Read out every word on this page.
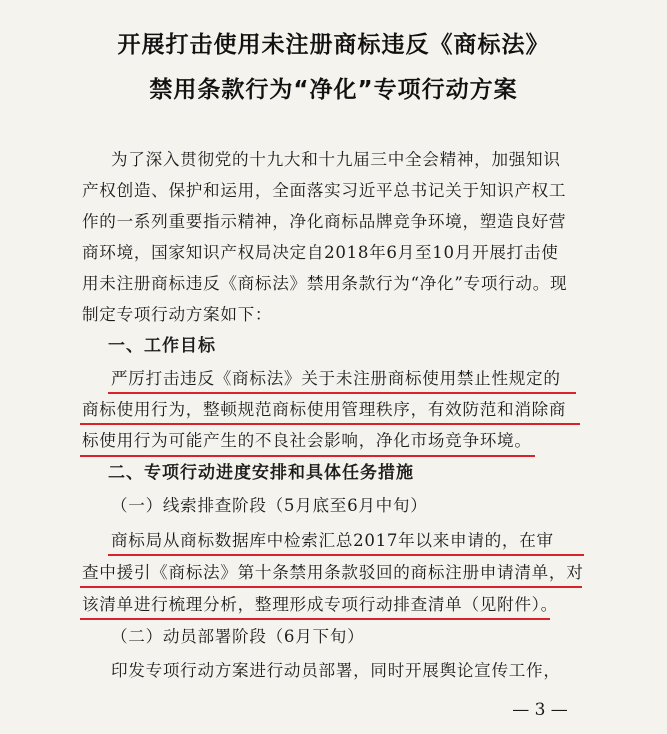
开展打击使用未注册商标违反《商标法》
禁用条款行为“净化”专项行动方案
为了深入贯彻党的十九大和十九届三中全会精神，加强知识
产权创造、保护和运用，全面落实习近平总书记关于知识产权工
作的一系列重要指示精神，净化商标品牌竞争环境，塑造良好营
商环境，国家知识产权局决定自2018年6月至10月开展打击使
用未注册商标违反《商标法》禁用条款行为“净化”专项行动。现
制定专项行动方案如下：
一、工作目标
严厉打击违反《商标法》关于未注册商标使用禁止性规定的
商标使用行为，整顿规范商标使用管理秩序，有效防范和消除商
标使用行为可能产生的不良社会影响，净化市场竞争环境。
二、专项行动进度安排和具体任务措施
（一）线索排查阶段（5月底至6月中旬）
商标局从商标数据库中检索汇总2017年以来申请的，在审
查中援引《商标法》第十条禁用条款驳回的商标注册申请清单，对
该清单进行梳理分析，整理形成专项行动排查清单（见附件）。
（二）动员部署阶段（6月下旬）
印发专项行动方案进行动员部署，同时开展舆论宣传工作，
— 3 —
